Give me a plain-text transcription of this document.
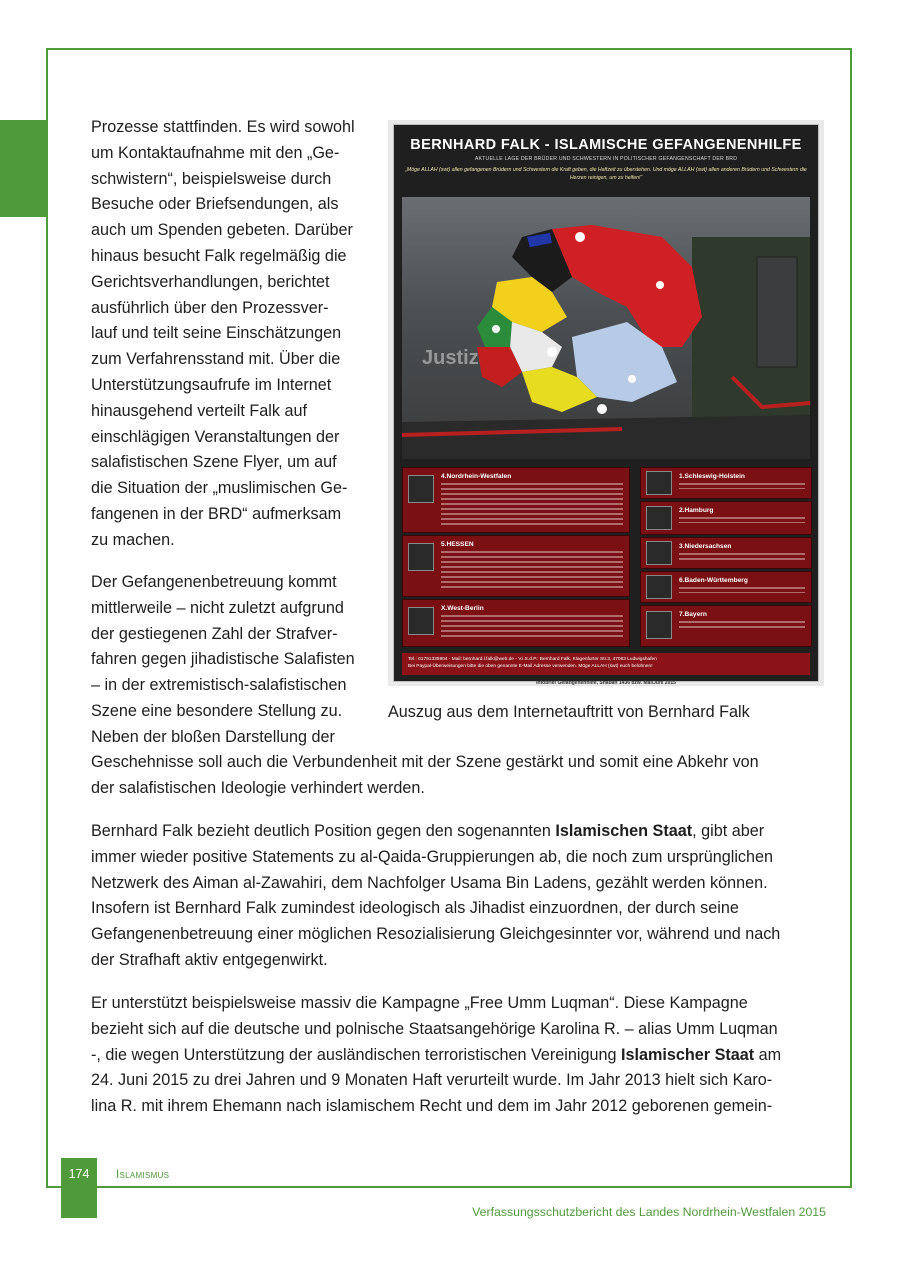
Prozesse stattfinden. Es wird sowohl
um Kontaktaufnahme mit den „Ge-
schwistern“, beispielsweise durch
Besuche oder Briefsendungen, als
auch um Spenden gebeten. Darüber
hinaus besucht Falk regelmäßig die
Gerichtsverhandlungen, berichtet
ausführlich über den Prozessver-
lauf und teilt seine Einschätzungen
zum Verfahrensstand mit. Über die
Unterstützungsaufrufe im Internet
hinausgehend verteilt Falk auf
einschlägigen Veranstaltungen der
salafistischen Szene Flyer, um auf
die Situation der „muslimischen Ge-
fangenen in der BRD“ aufmerksam
zu machen.
Der Gefangenenbetreuung kommt
mittlerweile – nicht zuletzt aufgrund
der gestiegenen Zahl der Strafver-
fahren gegen jihadistische Salafisten
– in der extremistisch-salafistischen
Szene eine besondere Stellung zu.
Neben der bloßen Darstellung der
Geschehnisse soll auch die Verbundenheit mit der Szene gestärkt und somit eine Abkehr von
der salafistischen Ideologie verhindert werden.
Bernhard Falk bezieht deutlich Position gegen den sogenannten Islamischen Staat, gibt aber
immer wieder positive Statements zu al-Qaida-Gruppierungen ab, die noch zum ursprünglichen
Netzwerk des Aiman al-Zawahiri, dem Nachfolger Usama Bin Ladens, gezählt werden können.
Insofern ist Bernhard Falk zumindest ideologisch als Jihadist einzuordnen, der durch seine
Gefangenenbetreuung einer möglichen Resozialisierung Gleichgesinnter vor, während und nach
der Strafhaft aktiv entgegenwirkt.
Er unterstützt beispielsweise massiv die Kampagne „Free Umm Luqman“. Diese Kampagne
bezieht sich auf die deutsche und polnische Staatsangehörige Karolina R. – alias Umm Luqman
-, die wegen Unterstützung der ausländischen terroristischen Vereinigung Islamischer Staat am
24. Juni 2015 zu drei Jahren und 9 Monaten Haft verurteilt wurde. Im Jahr 2013 hielt sich Karo-
lina R. mit ihrem Ehemann nach islamischem Recht und dem im Jahr 2012 geborenen gemein-
BERNHARD FALK - ISLAMISCHE GEFANGENENHILFE
AKTUELLE LAGE DER BRÜDER UND SCHWESTERN IN POLITISCHER GEFANGENSCHAFT DER BRD
„Möge ALLAH (swt) allen gefangenen Brüdern und Schwestern die Kraft geben, die Haftzeit zu überstehen. Und möge ALLAH (swt) allen anderen Brüdern und Schwestern die Herzen reinigen, um zu helfen!“
Justiz
4.Nordrhein-Westfalen
5.HESSEN
X.West-Berlin
1.Schleswig-Holstein
2.Hamburg
3.Niedersachsen
6.Baden-Württemberg
7.Bayern
Tel.: 01791335904 - Mail: bernhard.l.falk@web.de - V.i.S.d.P.: Bernhard Falk, Klagenfurter Str.3, 47063 Ludwigshafen
Bei Paypal-Überweisungen bitte die oben genannte E-Mail Adresse verwenden. Möge ALLAH (swt) euch belohnen!
Infobrief Gefangenenhilfe, Shaban 1436 bzw. Mai/Juni 2015
Auszug aus dem Internetauftritt von Bernhard Falk
174	Islamismus
Verfassungsschutzbericht des Landes Nordrhein-Westfalen 2015
